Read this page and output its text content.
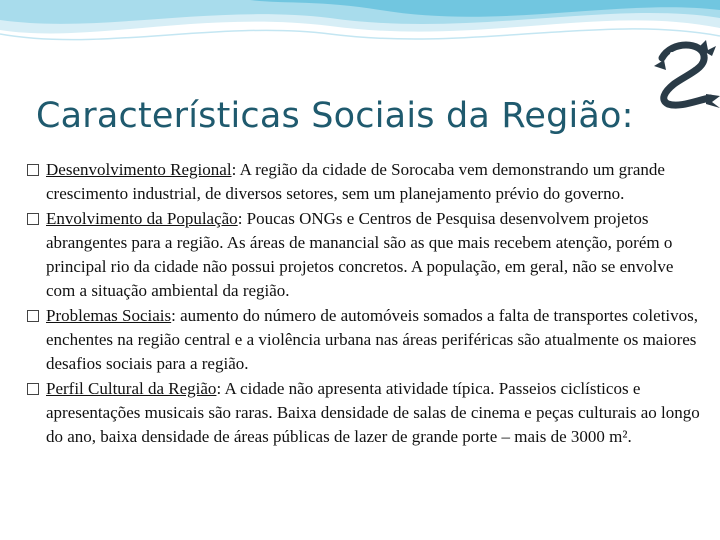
Características Sociais da Região:
Desenvolvimento Regional: A região da cidade de Sorocaba vem demonstrando um grande crescimento industrial, de diversos setores, sem um planejamento prévio do governo.
Envolvimento da População: Poucas ONGs e Centros de Pesquisa desenvolvem projetos abrangentes para a região. As áreas de manancial são as que mais recebem atenção, porém o principal rio da cidade não possui projetos concretos. A população, em geral, não se envolve com a situação ambiental da região.
Problemas Sociais: aumento do número de automóveis somados a falta de transportes coletivos, enchentes na região central e a violência urbana nas áreas periféricas são atualmente os maiores desafios sociais para a região.
Perfil Cultural da Região: A cidade não apresenta atividade típica. Passeios ciclísticos e apresentações musicais são raras. Baixa densidade de salas de cinema e peças culturais ao longo do ano, baixa densidade de áreas públicas de lazer de grande porte – mais de 3000 m².
